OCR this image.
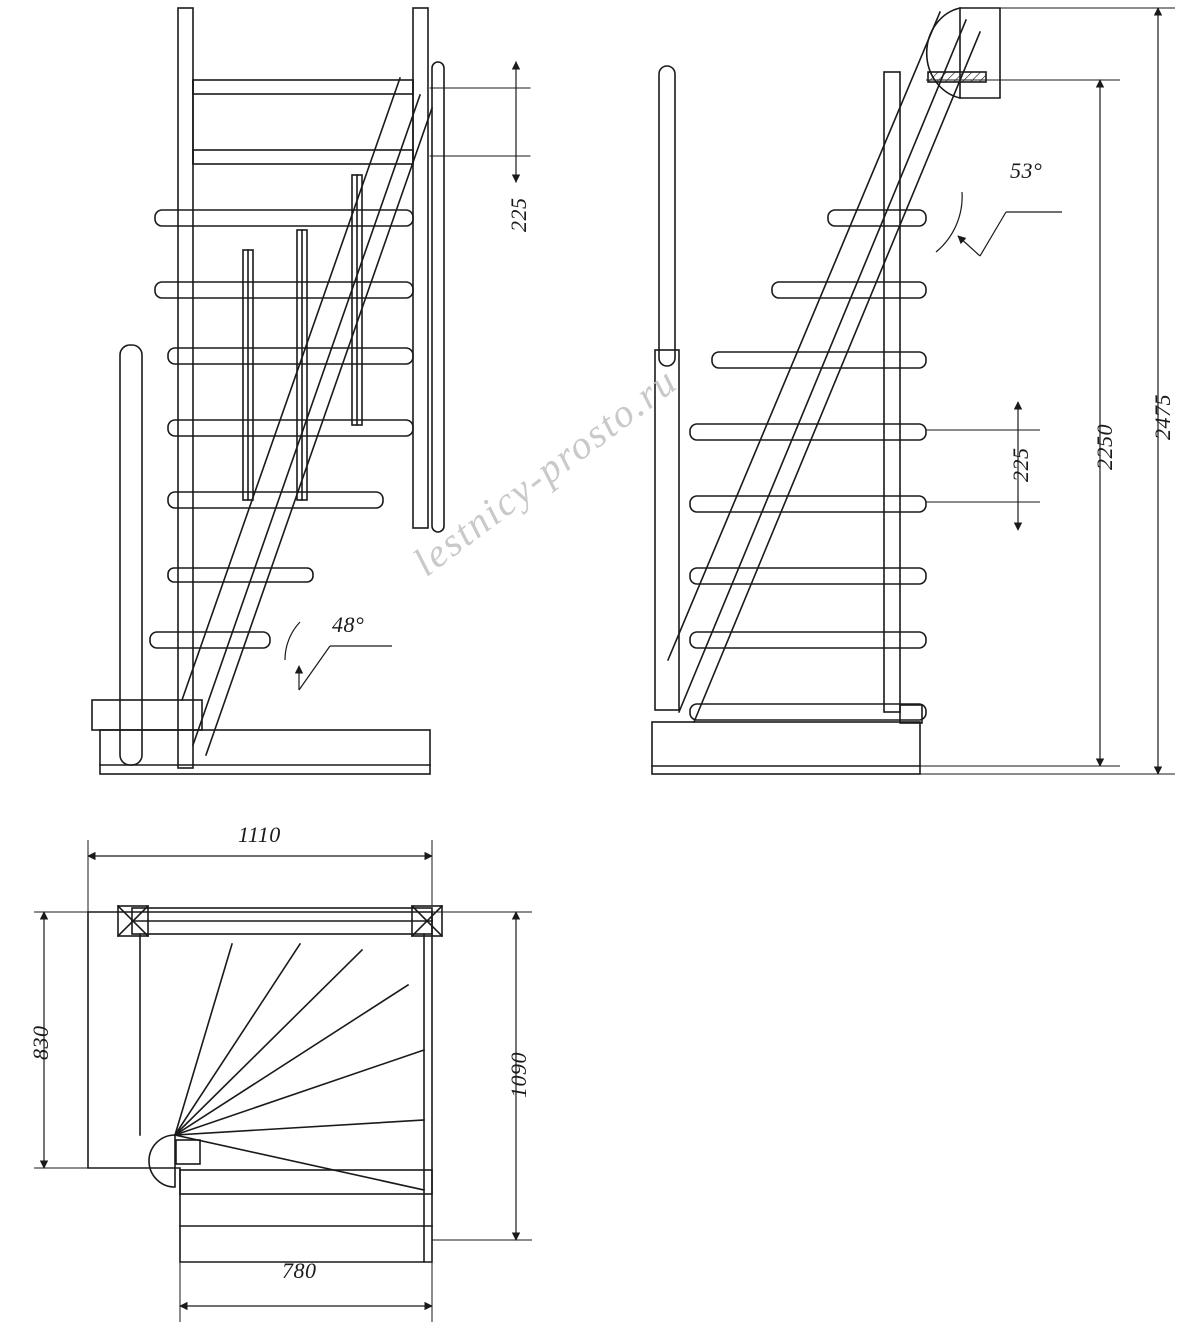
225
48°
53°
225	2250
2475
1110
830
1090
780
lestnicy-prosto.ru
